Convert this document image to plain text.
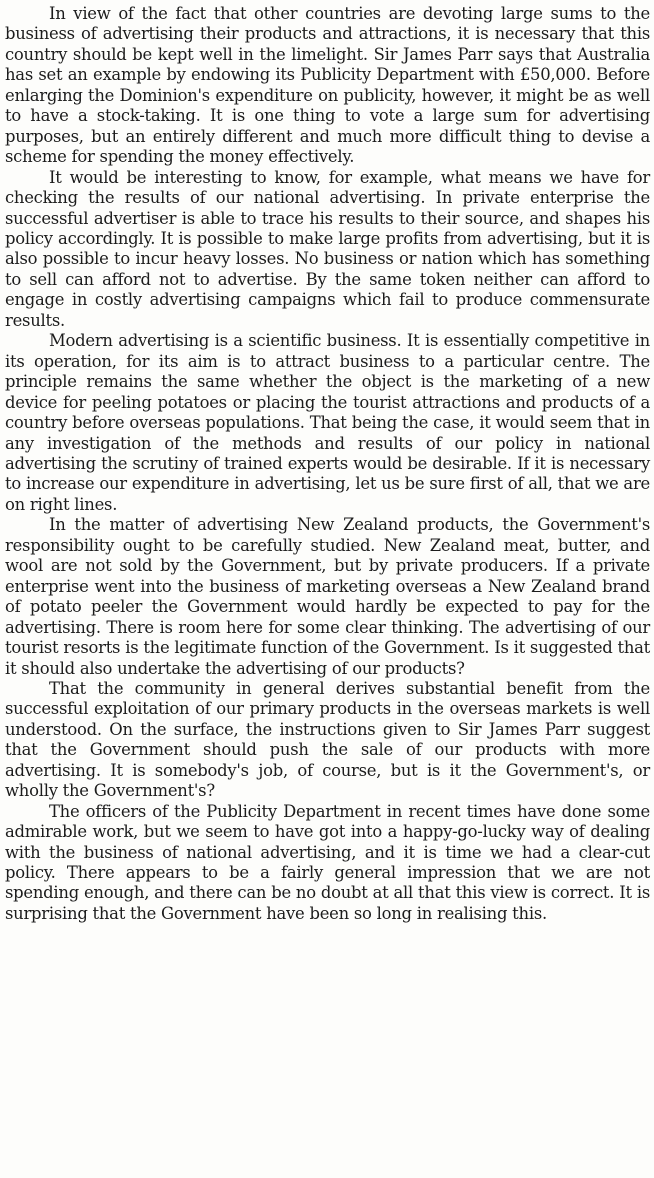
In view of the fact that other countries are devoting large sums to the business of advertising their products and attractions, it is necessary that this country should be kept well in the limelight. Sir James Parr says that Australia has set an example by endowing its Publicity Department with £50,000. Before enlarging the Dominion's expenditure on publicity, however, it might be as well to have a stock-taking. It is one thing to vote a large sum for advertising purposes, but an entirely different and much more difficult thing to devise a scheme for spending the money effectively.

It would be interesting to know, for example, what means we have for checking the results of our national advertising. In private enterprise the successful advertiser is able to trace his results to their source, and shapes his policy accordingly. It is possible to make large profits from advertising, but it is also possible to incur heavy losses. No business or nation which has something to sell can afford not to advertise. By the same token neither can afford to engage in costly advertising campaigns which fail to produce commensurate results.

Modern advertising is a scientific business. It is essentially competitive in its operation, for its aim is to attract business to a particular centre. The principle remains the same whether the object is the marketing of a new device for peeling potatoes or placing the tourist attractions and products of a country before overseas populations. That being the case, it would seem that in any investigation of the methods and results of our policy in national advertising the scrutiny of trained experts would be desirable. If it is necessary to increase our expenditure in advertising, let us be sure first of all, that we are on right lines.

In the matter of advertising New Zealand products, the Government's responsibility ought to be carefully studied. New Zealand meat, butter, and wool are not sold by the Government, but by private producers. If a private enterprise went into the business of marketing overseas a New Zealand brand of potato peeler the Government would hardly be expected to pay for the advertising. There is room here for some clear thinking. The advertising of our tourist resorts is the legitimate function of the Government. Is it suggested that it should also undertake the advertising of our products?

That the community in general derives substantial benefit from the successful exploitation of our primary products in the overseas markets is well understood. On the surface, the instructions given to Sir James Parr suggest that the Government should push the sale of our products with more advertising. It is somebody's job, of course, but is it the Government's, or wholly the Government's?

The officers of the Publicity Department in recent times have done some admirable work, but we seem to have got into a happy-go-lucky way of dealing with the business of national advertising, and it is time we had a clear-cut policy. There appears to be a fairly general impression that we are not spending enough, and there can be no doubt at all that this view is correct. It is surprising that the Government have been so long in realising this.
